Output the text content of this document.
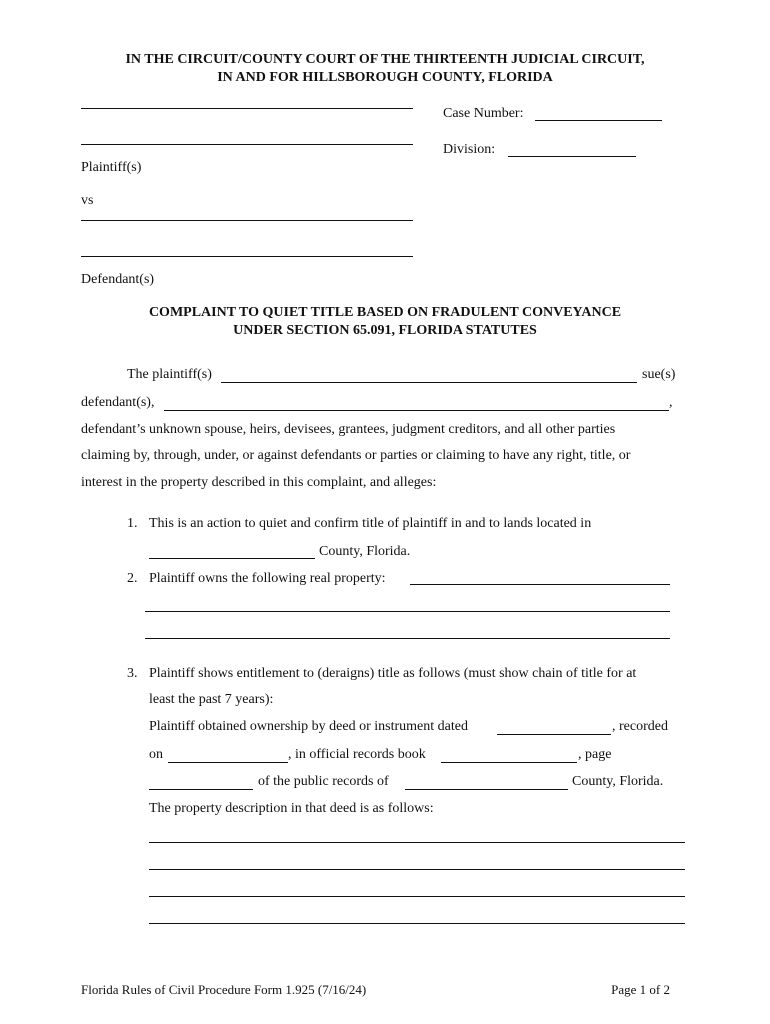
IN THE CIRCUIT/COUNTY COURT OF THE THIRTEENTH JUDICIAL CIRCUIT,
IN AND FOR HILLSBOROUGH COUNTY, FLORIDA
Plaintiff(s)
vs
Defendant(s)
Case Number:
Division:
COMPLAINT TO QUIET TITLE BASED ON FRADULENT CONVEYANCE
UNDER SECTION 65.091, FLORIDA STATUTES
The plaintiff(s)	sue(s)
defendant(s),	,
defendant’s unknown spouse, heirs, devisees, grantees, judgment creditors, and all other parties
claiming by, through, under, or against defendants or parties or claiming to have any right, title, or
interest in the property described in this complaint, and alleges:
1. This is an action to quiet and confirm title of plaintiff in and to lands located in
County, Florida.
2. Plaintiff owns the following real property:
3. Plaintiff shows entitlement to (deraigns) title as follows (must show chain of title for at
least the past 7 years):
Plaintiff obtained ownership by deed or instrument dated	, recorded
on	, in official records book	, page
of the public records of	County, Florida.
The property description in that deed is as follows:
Florida Rules of Civil Procedure Form 1.925 (7/16/24)	Page 1 of 2
